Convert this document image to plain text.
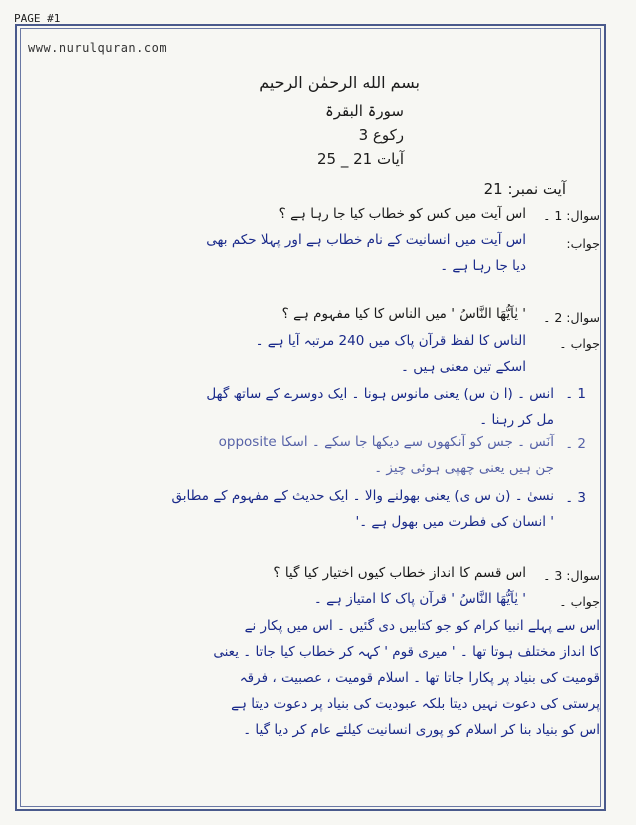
PAGE #1
www.nurulquran.com
بسم الله الرحمٰن الرحیم
سورۃ البقرۃ
رکوع 3
آیات 21 _ 25
آیت نمبر: 21
سوال: 1 ۔
اس آیت میں کس کو خطاب کیا جا رہا ہے ؟
جواب:
اس آیت میں انسانیت کے نام خطاب ہے اور پہلا حکم بھی
دیا جا رہا ہے ۔
سوال: 2 ۔
' یٰاَیُّھَا النَّاسُ ' میں الناس کا کیا مفہوم ہے ؟
جواب ۔
الناس کا لفظ قرآن پاک میں 240 مرتبہ آیا ہے ۔
اسکے تین معنی ہیں ۔
1 ۔
انس ۔ (ا ن س) یعنی مانوس ہونا ۔ ایک دوسرے کے ساتھ گھل
مل کر رہنا ۔
2 ۔
آنَس ۔ جس کو آنکھوں سے دیکھا جا سکے ۔ اسکا opposite
جن ہیں یعنی چھپی ہوئی چیز ۔
3 ۔
نسیٰ ۔ (ن س ی) یعنی بھولنے والا ۔ ایک حدیث کے مفہوم کے مطابق
' انسان کی فطرت میں بھول ہے ۔'
سوال: 3 ۔
اس قسم کا انداز خطاب کیوں اختیار کیا گیا ؟
جواب ۔
' یٰاَیُّھَا النَّاسُ ' قرآن پاک کا امتیاز ہے ۔
اس سے پہلے انبیا کرام کو جو کتابیں دی گئیں ۔ اس میں پکار نے
کا انداز مختلف ہوتا تھا ۔ ' میری قوم ' کہہ کر خطاب کیا جاتا ۔ یعنی
قومیت کی بنیاد پر پکارا جاتا تھا ۔ اسلام قومیت ، عصبیت ، فرقہ
پرستی کی دعوت نہیں دیتا بلکہ عبودیت کی بنیاد پر دعوت دیتا ہے
اس کو بنیاد بنا کر اسلام کو پوری انسانیت کیلئے عام کر دیا گیا ۔
